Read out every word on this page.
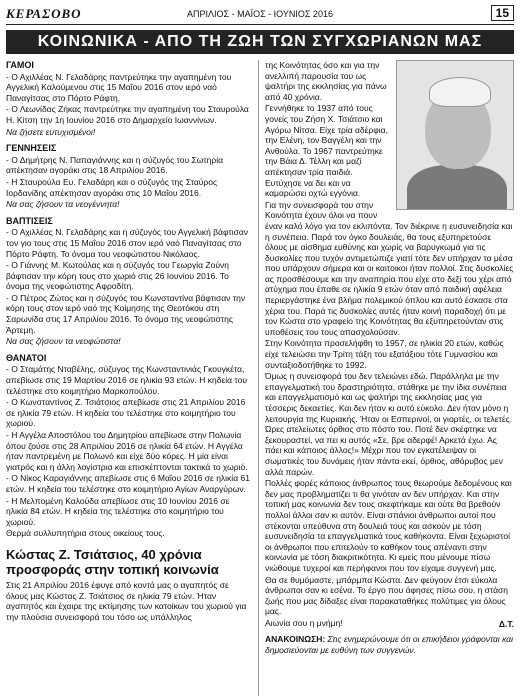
ΚΕΡΑΣΟΒΟ	ΑΠΡΙΛΙΟΣ - ΜΑΪΟΣ - ΙΟΥΝΙΟΣ 2016	15
ΚΟΙΝΩΝΙΚΑ - ΑΠΟ ΤΗ ΖΩΗ ΤΩΝ ΣΥΓΧΩΡΙΑΝΩΝ ΜΑΣ
ΓΑΜΟΙ

- Ο Αχιλλέας Ν. Γελαδάρης παντρεύτηκε την αγαπημένη του Αγγελική Καλούμενου στις 15 Μαΐου 2016 στον ιερό ναό Παναγίτσας στο Πόρτο Ράφτη.

- Ο Λεωνίδας Ζήκας παντρεύτηκε την αγαπημένη του Σταυρούλα Η. Κίτση την 1η Ιουνίου 2016 στο Δημαρχείο Ιωαννίνων.

Να ζήσετε ευτυχισμένοι!

ΓΕΝΝΗΣΕΙΣ

- Ο Δημήτρης Ν. Παπαγιάννης και η σύζυγός του Σωτηρία απέκτησαν αγοράκι στις 18 Απριλίου 2016.

- Η Σταυρούλα Ευ. Γελαδάρη και ο σύζυγός της Σταύρος Ιορδανίδης απέκτησαν αγοράκι στις 10 Μαΐου 2016.

Να σας ζήσουν τα νεογέννητα!

ΒΑΠΤΙΣΕΙΣ

- Ο Αχιλλέας Ν. Γελαδάρης και η σύζυγός του Αγγελική βάφτισαν τον γιο τους στις 15 Μαΐου 2016 στον ιερό ναό Παναγίτσας στο Πόρτο Ράφτη. Το όνομα του νεοφώτιστου Νικόλαος.

- Ο Γιάννης Μ. Κωτούλας και η σύζυγός του Γεωργία Ζούνη βάφτισαν την κόρη τους στο χωριό στις 26 Ιουνίου 2016. Το όνομα της νεοφώτιστης Αφροδίτη.

- Ο Πέτρος Ζώτος και η σύζυγός του Κωνσταντίνα βάφτισαν την κόρη τους στον ιερό ναό της Κοίμησης της Θεοτόκου στη Σαρωνίδα στις 17 Απριλίου 2016. Το όνομα της νεοφώτιστης Άρτεμη.

Να σας ζήσουν τα νεοφώτιστα!

ΘΑΝΑΤΟΙ

- Ο Σταμάτης Νταβέλης, σύζυγος της Κωνσταντινιάς Γκουγκέτα, απεβίωσε στις 19 Μαρτίου 2016 σε ηλικία 93 ετών. Η κηδεία του τελέστηκε στο κοιμητήριο Μαρκοπούλου.

- Ο Κωνσταντίνος Ζ. Τσιάτσιος απεβίωσε στις 21 Απριλίου 2016 σε ηλικία 79 ετών. Η κηδεία του τελέστηκε στο κοιμητήριο του χωριού.

- Η Αγγέλα Αποστόλου του Δημητρίου απεβίωσε στην Πολωνία όπου ζούσε στις 28 Απριλίου 2016 σε ηλικία 64 ετών. Η Αγγέλα ήταν παντρεμένη με Πολωνό και είχε δύο κόρες. Η μία είναι γιατρός και η άλλη λογίστρια και επισκέπτονται τακτικά το χωριό.

- Ο Νίκος Καραγιάννης απεβίωσε στις 6 Μαΐου 2016 σε ηλικία 61 ετών. Η κηδεία του τελέστηκε στο κοιμητήριο Αγίων Αναργύρων.

- Η Μελπομένη Καλούδα απεβίωσε στις 10 Ιουνίου 2016 σε ηλικία 84 ετών. Η κηδεία της τελέστηκε στο κοιμητήριο του χωριού.

Θερμά συλλυπητήρια στους οικείους τους.

Κώστας Ζ. Τσιάτσιος, 40 χρόνια προσφοράς στην τοπική κοινωνία

Στις 21 Απριλίου 2016 έφυγε από κοντά μας ο αγαπητός σε όλους μας Κώστας Ζ. Τσιάτσιος σε ηλικία 79 ετών. Ήταν αγαπητός και έχαιρε της εκτίμησης των κατοίκων του χωριού για την πλούσια συνεισφορά του τόσο ως υπάλληλος

της Κοινότητας όσο και για την ανελλιπή παρουσία του ως ψαλτήρι της εκκλησίας για πάνω από 40 χρόνια.

Γεννήθηκε το 1937 από τους γονείς του Ζήση Χ. Τσιάτσιο και Αγόρω Νίτσα. Είχε τρία αδέρφια, την Ελένη, τον Βαγγέλη και την Ανθούλα. Το 1967 παντρεύτηκε την Βάια Δ. Τέλλη και μαζί απέκτησαν τρία παιδιά. Ευτύχησε να δει και να καμαρώσει οχτώ εγγόνια.

Για την συνεισφορά του στην Κοινότητα έχουν όλοι να πουν έναν καλό λόγο για τον εκλιπόντα. Τον διέκρινε η ευσυνειδησία και η συνέπεια. Παρά τον όγκο δουλειάς, θα τους εξυπηρετούσε όλους με αίσθημα ευθύνης και χωρίς να βαρυγκωμά για τις δυσκολίες που τυχόν αντιμετώπιζε γιατί τότε δεν υπήρχαν τα μέσα που υπάρχουν σήμερα και οι καιτοικοι ήταν πολλοί. Στις δυσκολίες ας προσθέσουμε και την αναπηρία που είχε στο δεξί του χέρι από ατύχημα που έπαθε σε ηλικία 9 ετών όταν από παιδική αφέλεια περιεργάστηκε ένα βλήμα πολεμικού όπλου και αυτό έσκασε στα χέρια του. Παρά τις δυσκολίες αυτές ήταν κοινή παραδοχή ότι με τον Κώστα στο γραφείο της Κοινότητας θα εξυπηρετούνταν στις υποθέσεις του τους απασχολούσαν.

Στην Κοινότητα προσελήφθη το 1957, σε ηλικία 20 ετών, καθώς είχε τελειώσει την Τρίτη τάξη του εξατάξιου τότε Γυμνασίου και συνταξιοδοτήθηκε το 1992.

Όμως η συνεισφορά του δεν τελειώνει εδώ. Παράλληλα με την επαγγελματική του δραστηριότητα, στάθηκε με την ίδια συνέπεια και επαγγελματισμό και ως ψαλτήρι της εκκλησίας μας για τέσσερις δεκαετίες. Και δεν ήταν κι αυτό εύκολο. Δεν ήταν μόνο η λειτουργία της Κυριακής. Ήταν οι Εσπερινοί, οι γιορτές, οι τελετές. Ώρες ατελείωτες όρθιος στο πόστο του. Ποτέ δεν σκέφτηκε να ξεκουραστεί, να πει κι αυτός «Σε, βρε αδερφέ! Αρκετά έχω. Ας πάει και κάποιος άλλος!» Μέχρι που τον εγκατέλειψαν οι σωματικές του δυνάμεις ήταν πάντα εκεί, όρθιος, αθόρυβος μεν αλλά παρών.

Πολλές φορές κάποιος άνθρωπος τους θεωρούμε δεδομένους και δεν μας προβληματίζει τι θα γινόταν αν δεν υπήρχαν. Και στην τοπική μας κοινωνία δεν τους σκεφτήκαμε και ούτε θα βρεθούν πολλοί άλλοι σαν κι αυτόν. Είναι σπάνιοι άνθρωποι αυτοί που στέκονται υπεύθυνα στη δουλειά τους και ασκούν με τόση ευσυνειδησία τα επαγγελματικά τους καθήκοντα. Είναι ξεχωριστοί οι άνθρωποι που επιτελούν το καθήκον τους απέναντι στην κοινωνία με τόση διακριτικότητα. Κι εμείς που μένουμε πίσω νιώθουμε τυχεροί και περήφανοι που τον είχαμε συγγενή μας.

Θα σε θυμόμαστε, μπάρμπα Κώστα. Δεν φεύγουν έτσι εύκολα άνθρωποι σαν κι εσένα. Το έργο που άφησες πίσω σου, η στάση ζωής που μας δίδαξες είναι παρακαταθήκες πολύτιμες για όλους μας.

Αιωνία σου η μνήμη!	Δ.Τ.
ΑΝΑΚΟΙΝΩΣΗ: Στις ενημερώνουμε ότι οι επικήδειοι γράφονται και δημοσιεύονται με ευθύνη των συγγενών.
